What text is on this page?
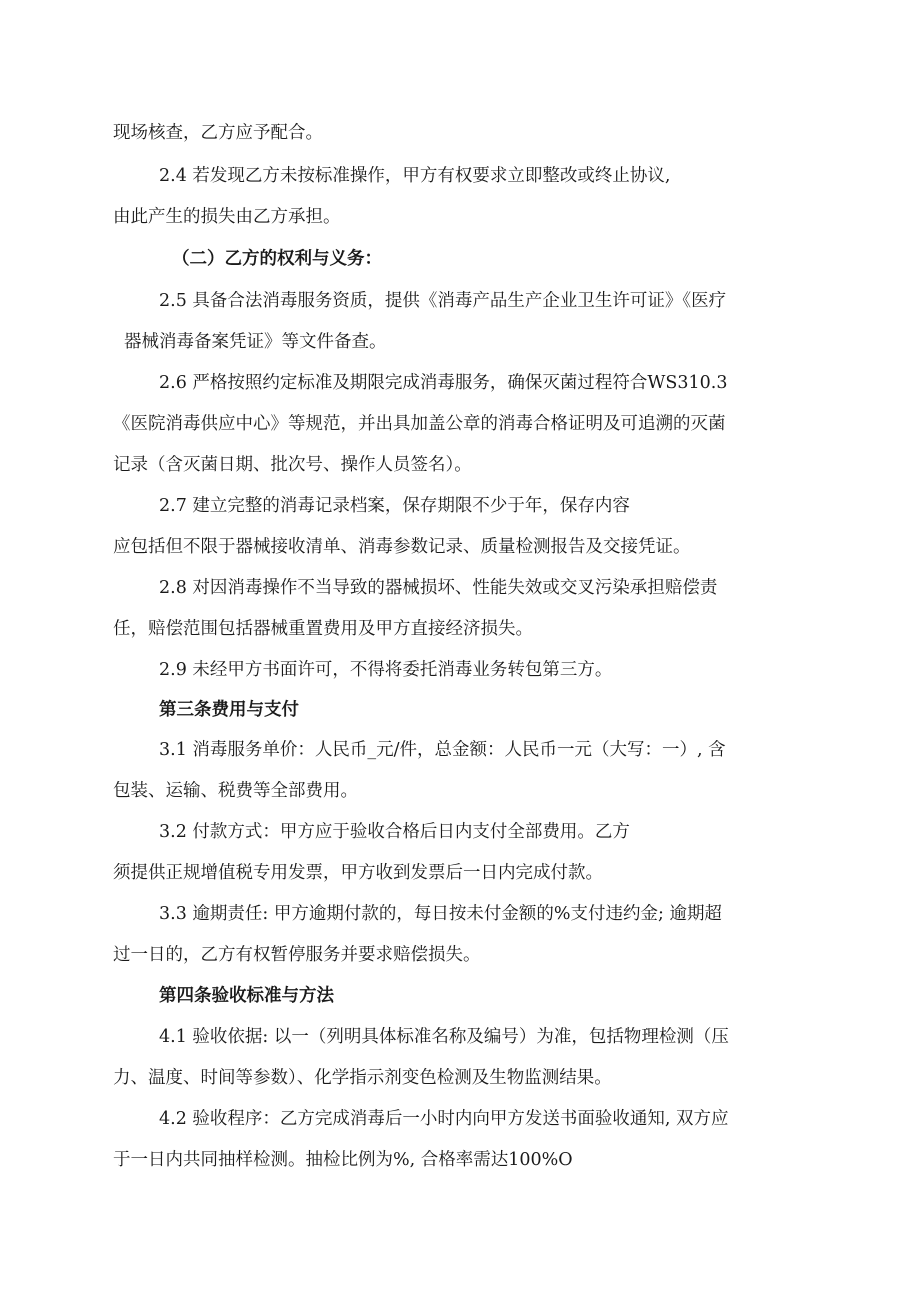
现场核查，乙方应予配合。
2.4 若发现乙方未按标准操作，甲方有权要求立即整改或终止协议,
由此产生的损失由乙方承担。
（二）乙方的权利与义务：
2.5 具备合法消毒服务资质，提供《消毒产品生产企业卫生许可证》《医疗
器械消毒备案凭证》等文件备查。
2.6 严格按照约定标准及期限完成消毒服务，确保灭菌过程符合WS310.3
《医院消毒供应中心》等规范，并出具加盖公章的消毒合格证明及可追溯的灭菌
记录（含灭菌日期、批次号、操作人员签名）。
2.7 建立完整的消毒记录档案，保存期限不少于年，保存内容
应包括但不限于器械接收清单、消毒参数记录、质量检测报告及交接凭证。
2.8 对因消毒操作不当导致的器械损坏、性能失效或交叉污染承担赔偿责
任，赔偿范围包括器械重置费用及甲方直接经济损失。
2.9 未经甲方书面许可，不得将委托消毒业务转包第三方。
第三条费用与支付
3.1 消毒服务单价：人民币_元/件，总金额：人民币一元（大写：一）, 含
包装、运输、税费等全部费用。
3.2 付款方式：甲方应于验收合格后日内支付全部费用。乙方
须提供正规增值税专用发票，甲方收到发票后一日内完成付款。
3.3 逾期责任: 甲方逾期付款的，每日按未付金额的%支付违约金; 逾期超
过一日的，乙方有权暂停服务并要求赔偿损失。
第四条验收标准与方法
4.1 验收依据: 以一（列明具体标准名称及编号）为准，包括物理检测（压
力、温度、时间等参数）、化学指示剂变色检测及生物监测结果。
4.2 验收程序：乙方完成消毒后一小时内向甲方发送书面验收通知, 双方应
于一日内共同抽样检测。抽检比例为%, 合格率需达100%O
